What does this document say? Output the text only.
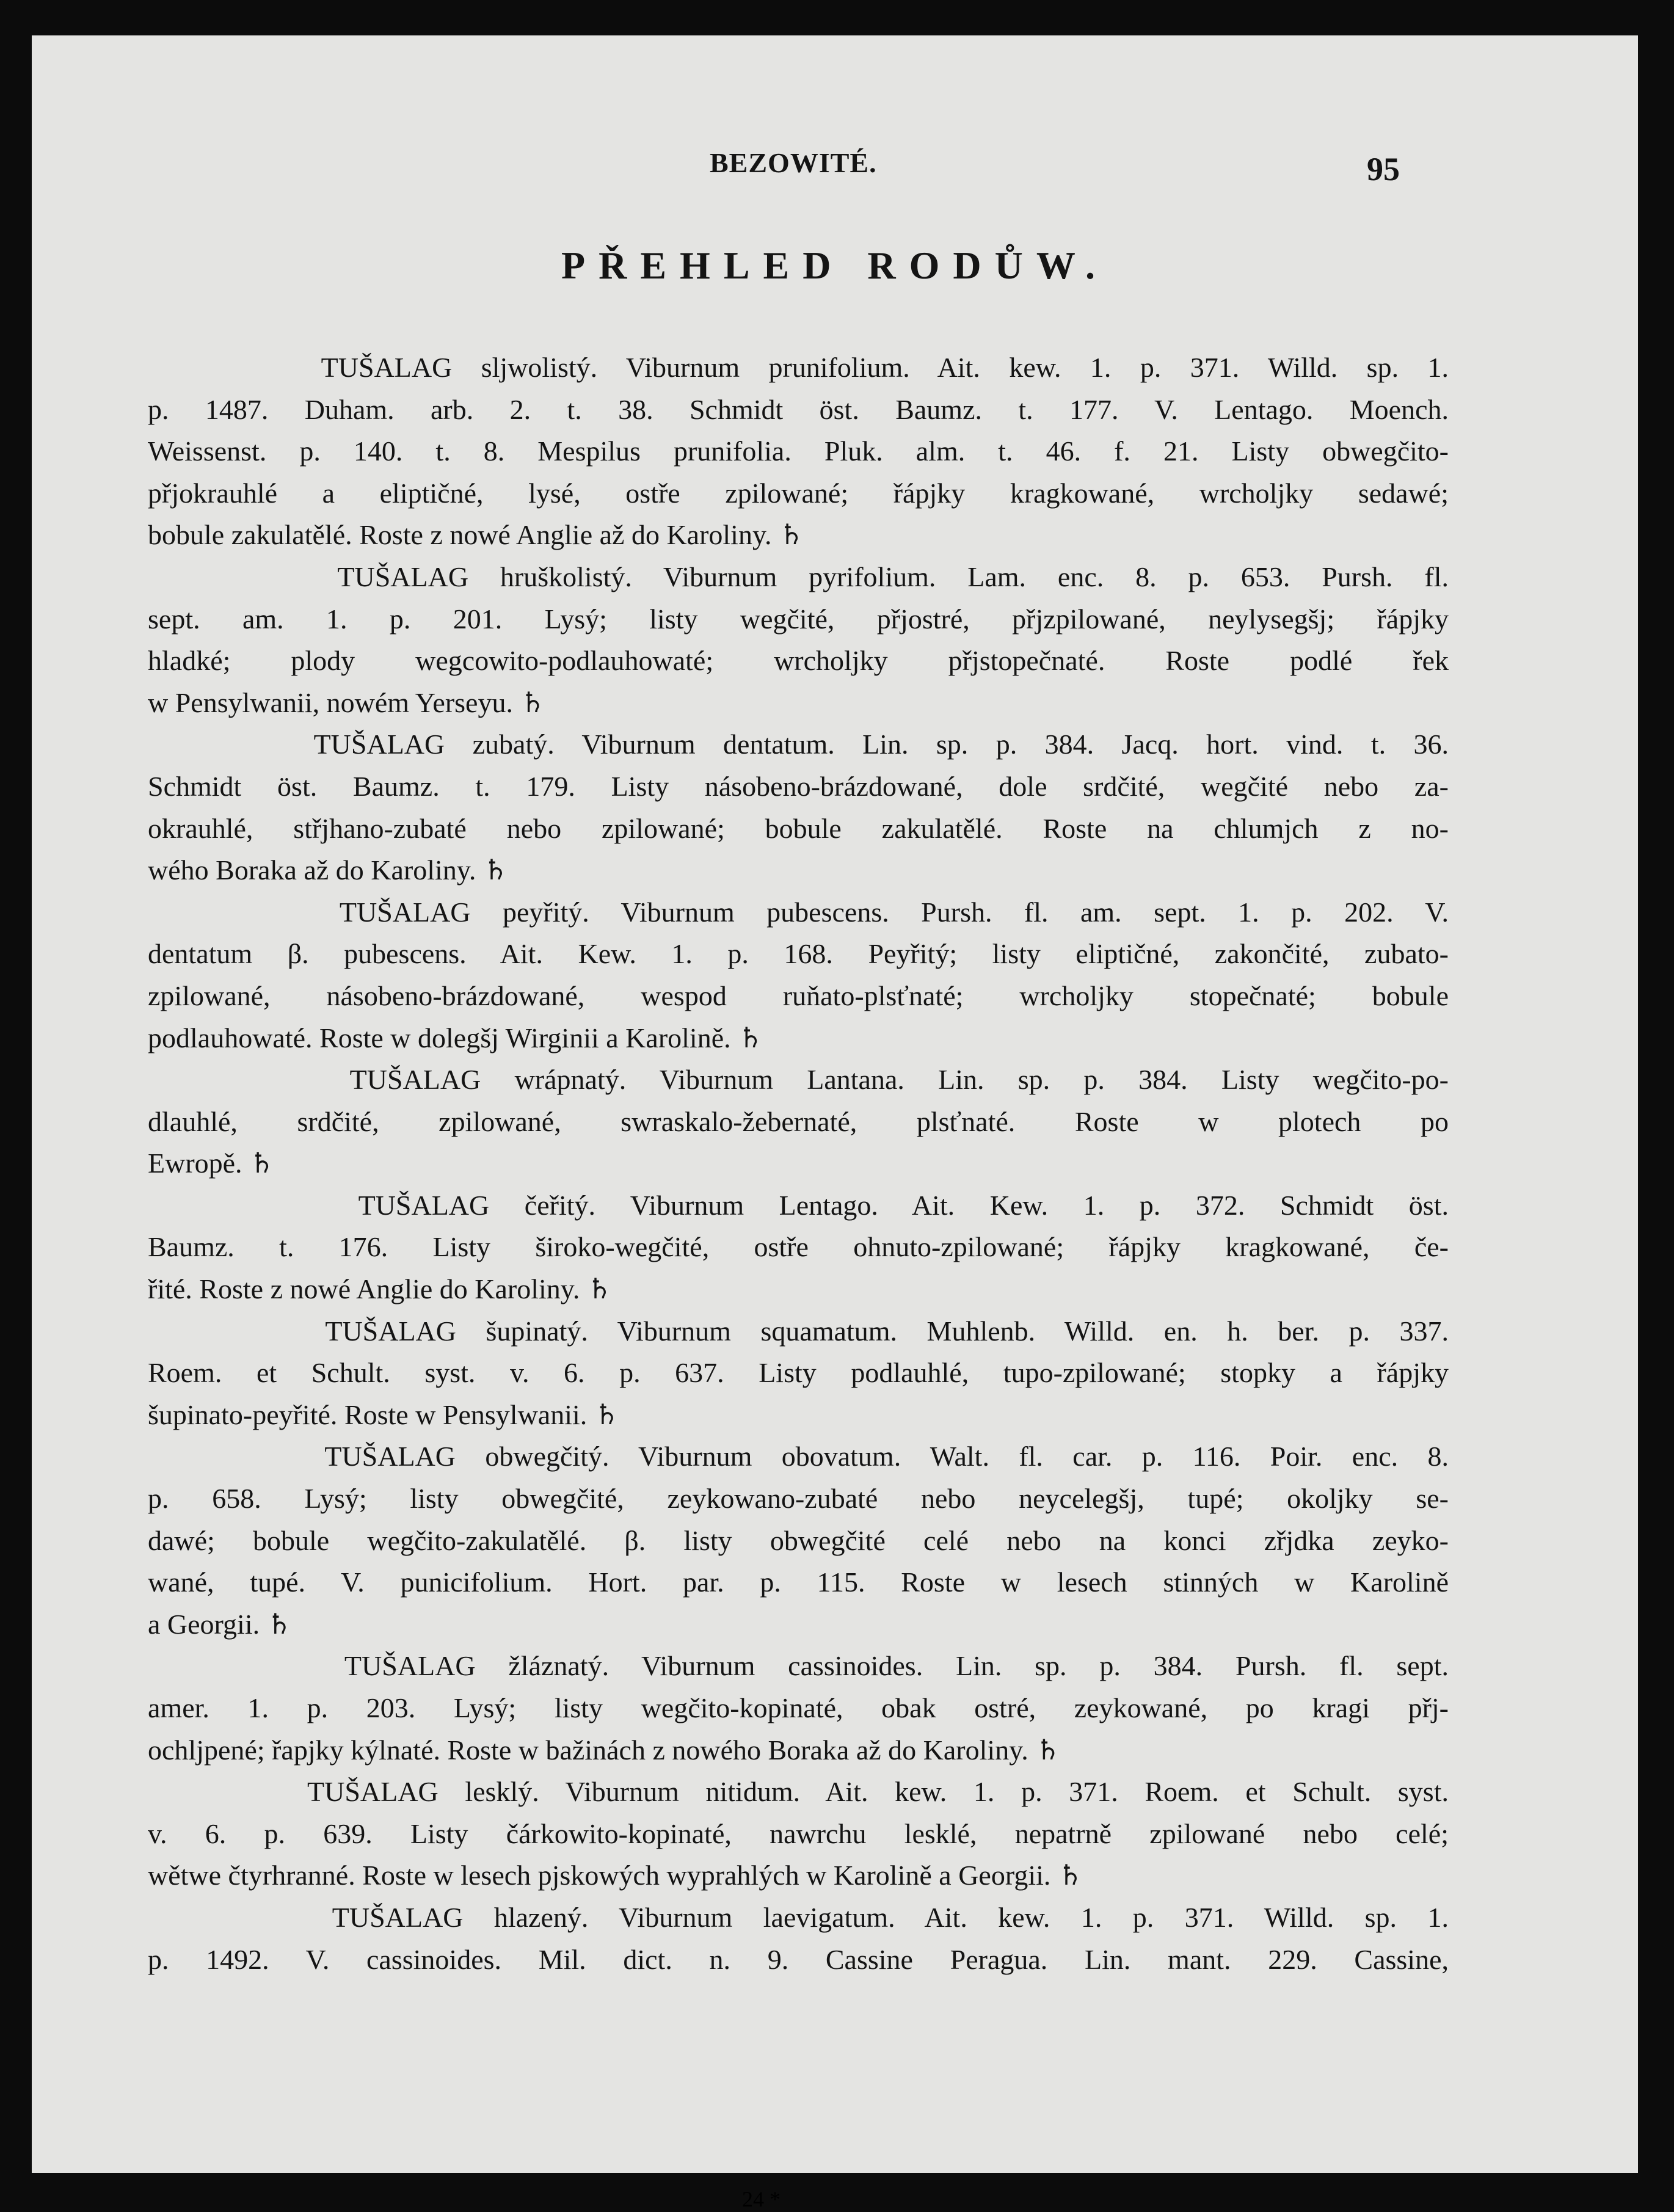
BEZOWITÉ.	95
PŘEHLED RODŮW.
TUŠALAG sljwolistý. Viburnum prunifolium. Ait. kew. 1. p. 371. Willd. sp. 1.
p. 1487. Duham. arb. 2. t. 38. Schmidt öst. Baumz. t. 177. V. Lentago. Moench.
Weissenst. p. 140. t. 8. Mespilus prunifolia. Pluk. alm. t. 46. f. 21. Listy obwegčito-
přjokrauhlé a eliptičné, lysé, ostře zpilowané; řápjky kragkowané, wrcholjky sedawé;
bobule zakulatělé. Roste z nowé Anglie až do Karoliny. ♄
TUŠALAG hruškolistý. Viburnum pyrifolium. Lam. enc. 8. p. 653. Pursh. fl.
sept. am. 1. p. 201. Lysý; listy wegčité, přjostré, přjzpilowané, neylysegšj; řápjky
hladké; plody wegcowito-podlauhowaté; wrcholjky přjstopečnaté. Roste podlé řek
w Pensylwanii, nowém Yerseyu. ♄
TUŠALAG zubatý. Viburnum dentatum. Lin. sp. p. 384. Jacq. hort. vind. t. 36.
Schmidt öst. Baumz. t. 179. Listy násobeno-brázdowané, dole srdčité, wegčité nebo za-
okrauhlé, střjhano-zubaté nebo zpilowané; bobule zakulatělé. Roste na chlumjch z no-
wého Boraka až do Karoliny. ♄
TUŠALAG peyřitý. Viburnum pubescens. Pursh. fl. am. sept. 1. p. 202. V.
dentatum β. pubescens. Ait. Kew. 1. p. 168. Peyřitý; listy eliptičné, zakončité, zubato-
zpilowané, násobeno-brázdowané, wespod ruňato-plsťnaté; wrcholjky stopečnaté; bobule
podlauhowaté. Roste w dolegšj Wirginii a Karolině. ♄
TUŠALAG wrápnatý. Viburnum Lantana. Lin. sp. p. 384. Listy wegčito-po-
dlauhlé, srdčité, zpilowané, swraskalo-žebernaté, plsťnaté. Roste w plotech po
Ewropě. ♄
TUŠALAG čeřitý. Viburnum Lentago. Ait. Kew. 1. p. 372. Schmidt öst.
Baumz. t. 176. Listy široko-wegčité, ostře ohnuto-zpilowané; řápjky kragkowané, če-
řité. Roste z nowé Anglie do Karoliny. ♄
TUŠALAG šupinatý. Viburnum squamatum. Muhlenb. Willd. en. h. ber. p. 337.
Roem. et Schult. syst. v. 6. p. 637. Listy podlauhlé, tupo-zpilowané; stopky a řápjky
šupinato-peyřité. Roste w Pensylwanii. ♄
TUŠALAG obwegčitý. Viburnum obovatum. Walt. fl. car. p. 116. Poir. enc. 8.
p. 658. Lysý; listy obwegčité, zeykowano-zubaté nebo neycelegšj, tupé; okoljky se-
dawé; bobule wegčito-zakulatělé. β. listy obwegčité celé nebo na konci zřjdka zeyko-
wané, tupé. V. punicifolium. Hort. par. p. 115. Roste w lesech stinných w Karolině
a Georgii. ♄
TUŠALAG žláznatý. Viburnum cassinoides. Lin. sp. p. 384. Pursh. fl. sept.
amer. 1. p. 203. Lysý; listy wegčito-kopinaté, obak ostré, zeykowané, po kragi přj-
ochljpené; řapjky kýlnaté. Roste w bažinách z nowého Boraka až do Karoliny. ♄
TUŠALAG lesklý. Viburnum nitidum. Ait. kew. 1. p. 371. Roem. et Schult. syst.
v. 6. p. 639. Listy čárkowito-kopinaté, nawrchu lesklé, nepatrně zpilowané nebo celé;
wětwe čtyrhranné. Roste w lesech pjskowých wyprahlých w Karolině a Georgii. ♄
TUŠALAG hlazený. Viburnum laevigatum. Ait. kew. 1. p. 371. Willd. sp. 1.
p. 1492. V. cassinoides. Mil. dict. n. 9. Cassine Peragua. Lin. mant. 229. Cassine,
24 *
